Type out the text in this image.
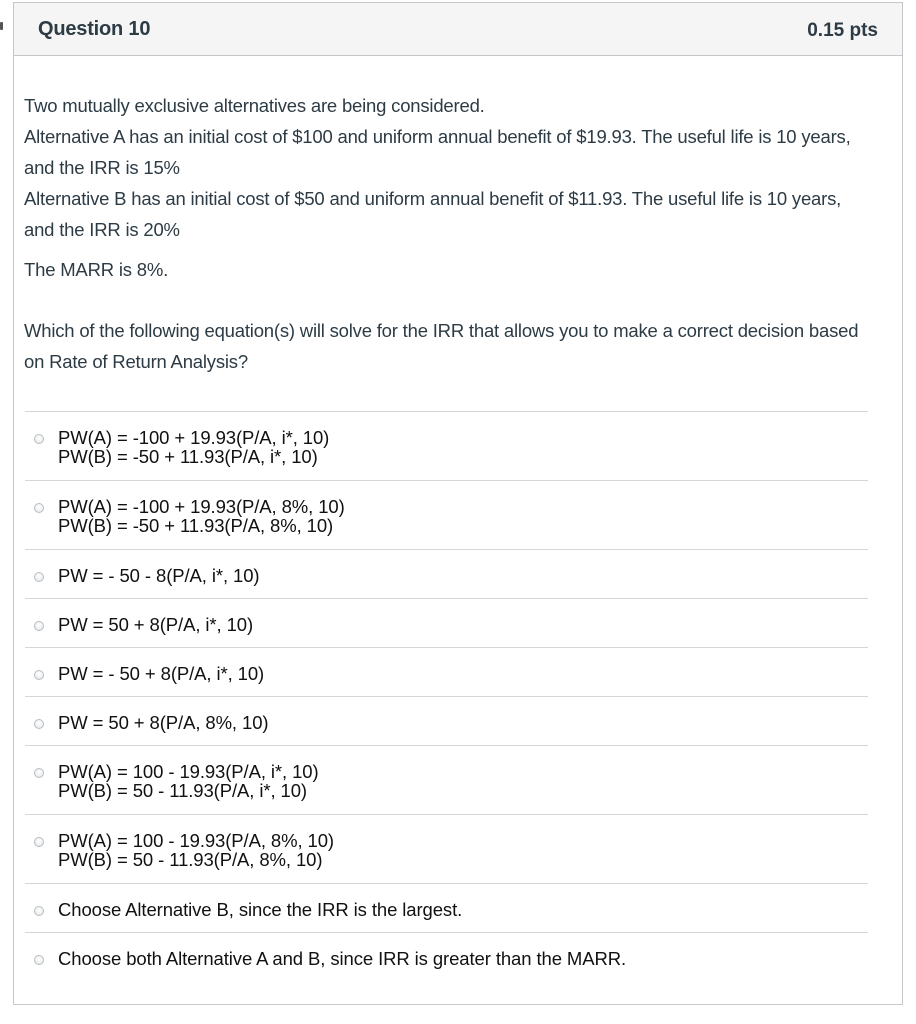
Question 10	0.15 pts

Two mutually exclusive alternatives are being considered.

Alternative A has an initial cost of $100 and uniform annual benefit of $19.93. The useful life is 10 years, and the IRR is 15%

Alternative B has an initial cost of $50 and uniform annual benefit of $11.93. The useful life is 10 years, and the IRR is 20%

The MARR is 8%.

Which of the following equation(s) will solve for the IRR that allows you to make a correct decision based on Rate of Return Analysis?

PW(A) = -100 + 19.93(P/A, i*, 10)
PW(B) = -50 + 11.93(P/A, i*, 10)
PW(A) = -100 + 19.93(P/A, 8%, 10)
PW(B) = -50 + 11.93(P/A, 8%, 10)
PW = - 50 - 8(P/A, i*, 10)
PW = 50 + 8(P/A, i*, 10)
PW = - 50 + 8(P/A, i*, 10)
PW = 50 + 8(P/A, 8%, 10)
PW(A) = 100 - 19.93(P/A, i*, 10)
PW(B) = 50 - 11.93(P/A, i*, 10)
PW(A) = 100 - 19.93(P/A, 8%, 10)
PW(B) = 50 - 11.93(P/A, 8%, 10)
Choose Alternative B, since the IRR is the largest.
Choose both Alternative A and B, since IRR is greater than the MARR.
